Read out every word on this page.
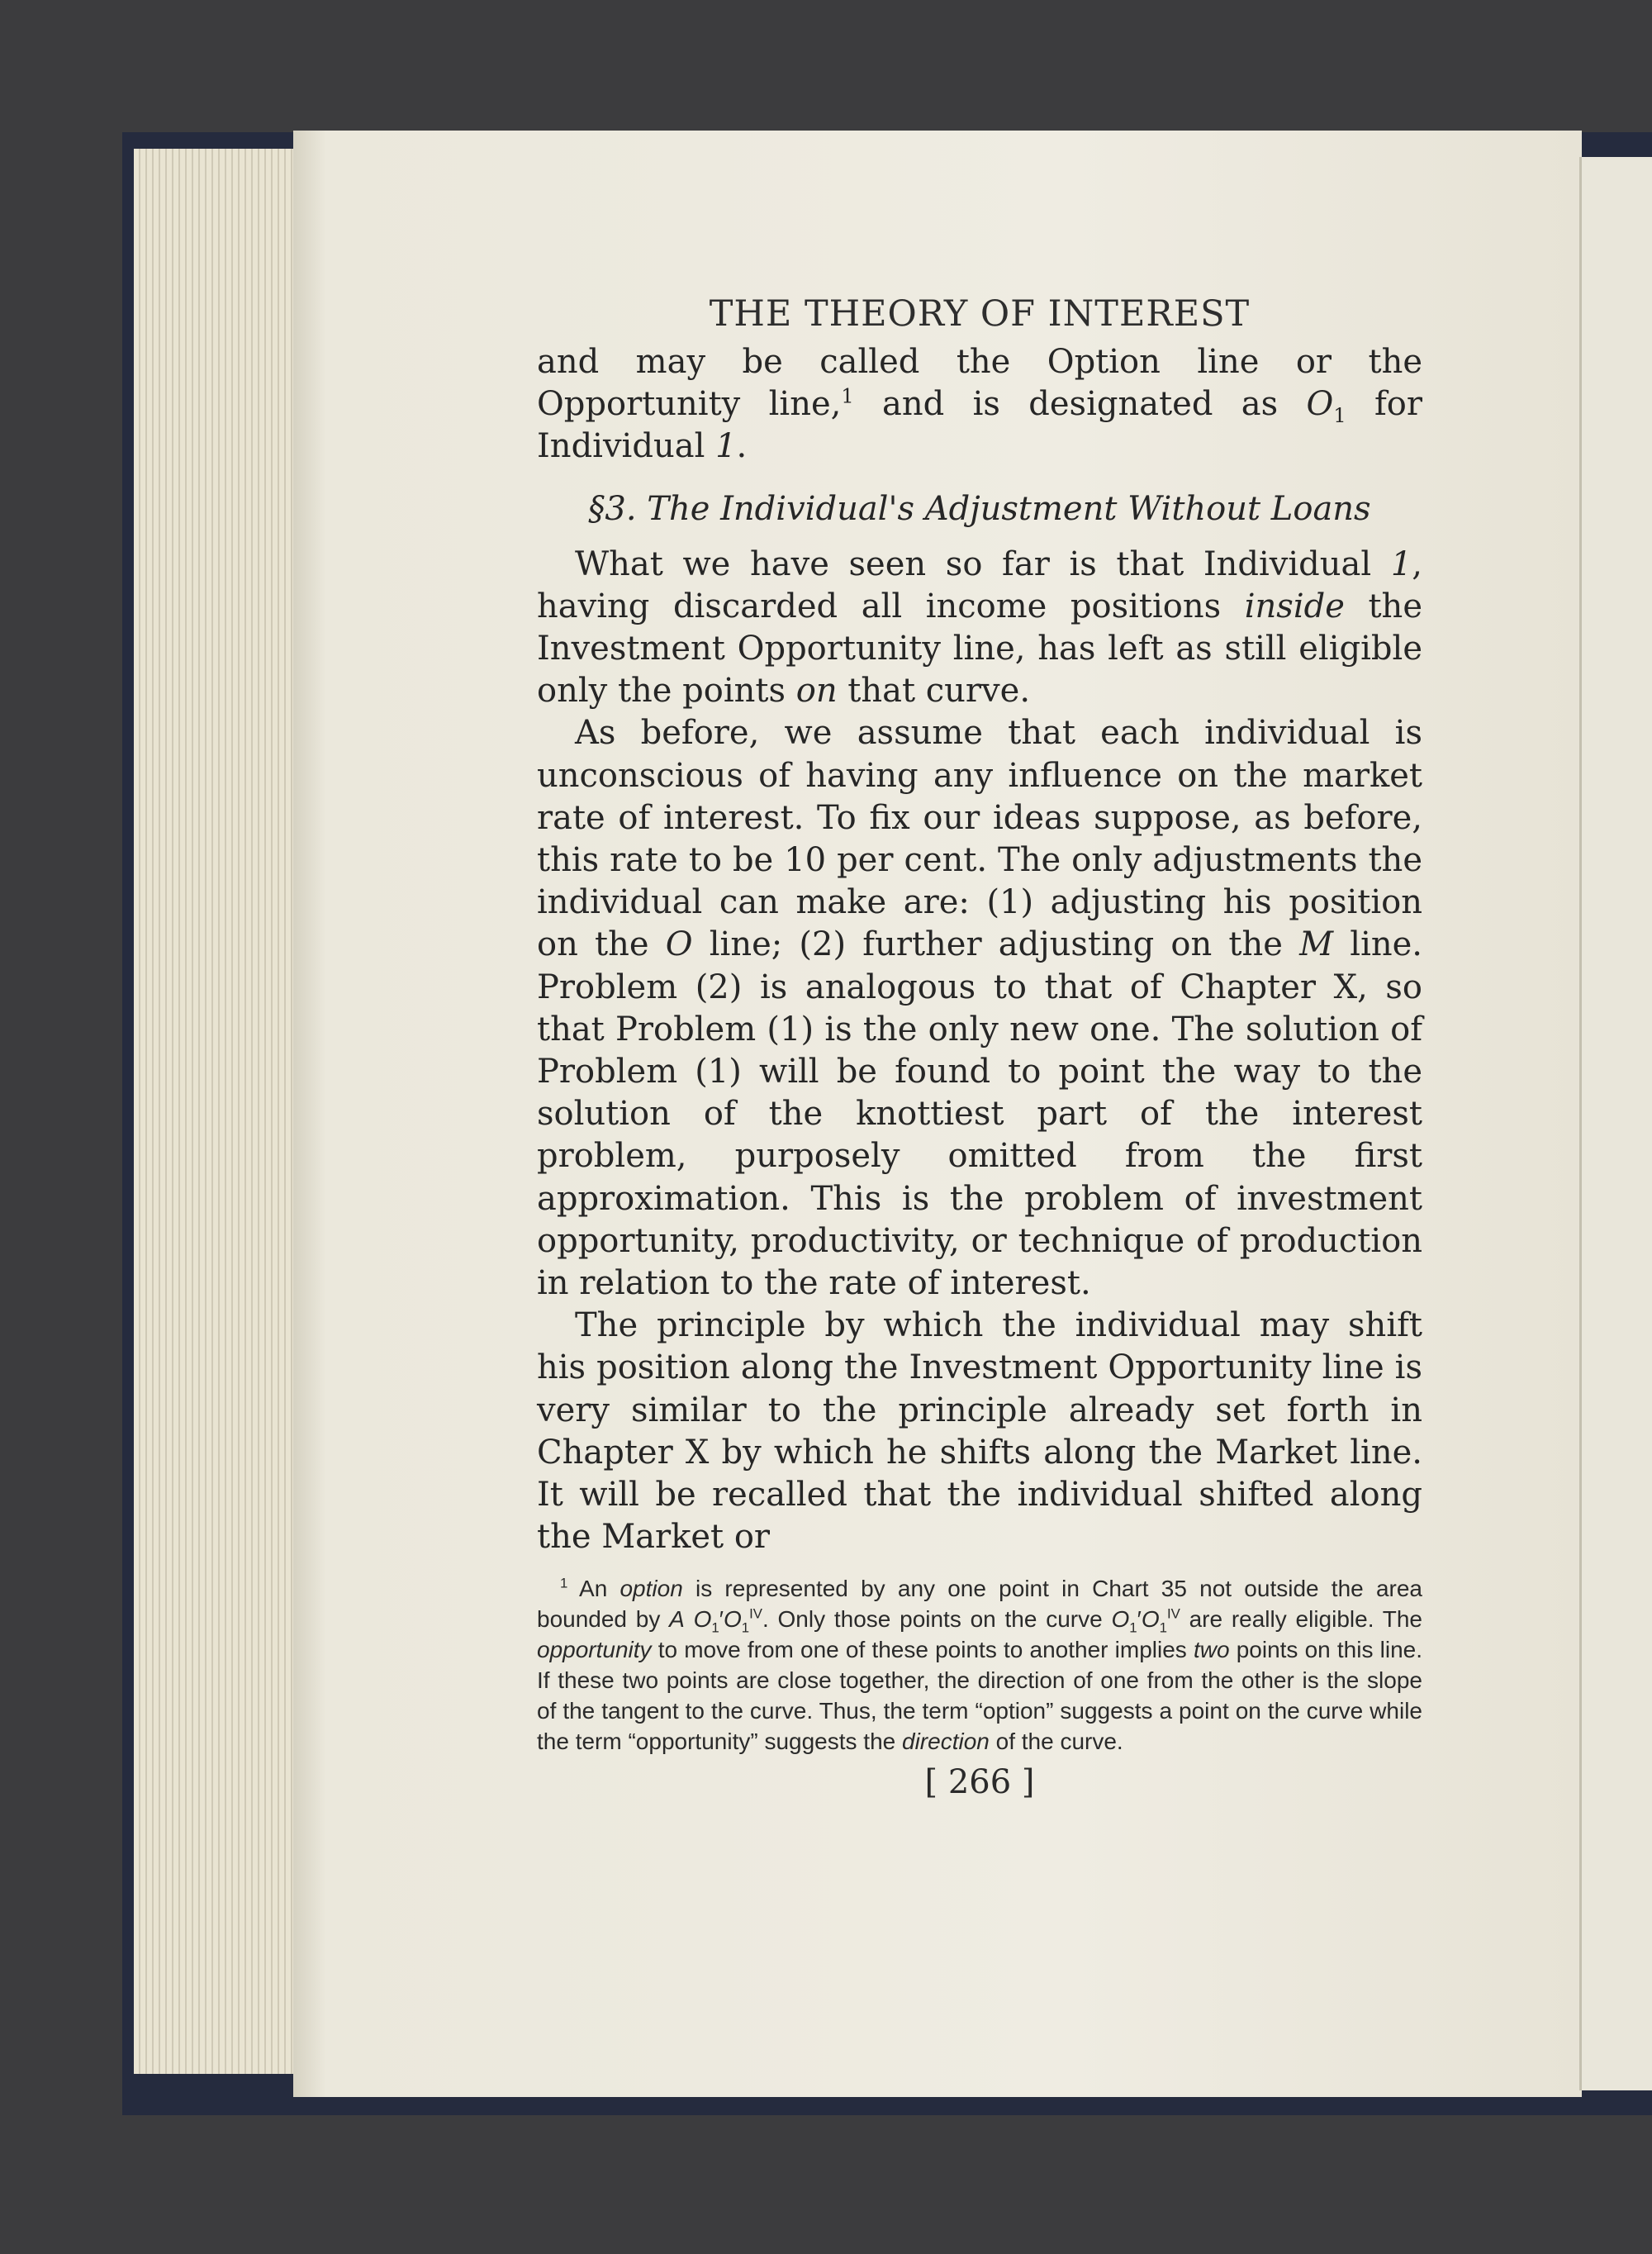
THE THEORY OF INTEREST

and may be called the Option line or the Opportunity line,$^1$ and is designated as $O_1$ for Individual 1.

§3. The Individual's Adjustment Without Loans

What we have seen so far is that Individual 1, having discarded all income positions inside the Investment Opportunity line, has left as still eligible only the points on that curve.

As before, we assume that each individual is unconscious of having any influence on the market rate of interest. To fix our ideas suppose, as before, this rate to be 10 per cent. The only adjustments the individual can make are: (1) adjusting his position on the O line; (2) further adjusting on the M line. Problem (2) is analogous to that of Chapter X, so that Problem (1) is the only new one. The solution of Problem (1) will be found to point the way to the solution of the knottiest part of the interest problem, purposely omitted from the first approximation. This is the problem of investment opportunity, productivity, or technique of production in relation to the rate of interest.

The principle by which the individual may shift his position along the Investment Opportunity line is very similar to the principle already set forth in Chapter X by which he shifts along the Market line. It will be recalled that the individual shifted along the Market or

$^1$ An option is represented by any one point in Chart 35 not outside the area bounded by A $O_1'O_1^{IV}$. Only those points on the curve $O_1'O_1^{IV}$ are really eligible. The opportunity to move from one of these points to another implies two points on this line. If these two points are close together, the direction of one from the other is the slope of the tangent to the curve. Thus, the term “option” suggests a point on the curve while the term “opportunity” suggests the direction of the curve.

[ 266 ]
